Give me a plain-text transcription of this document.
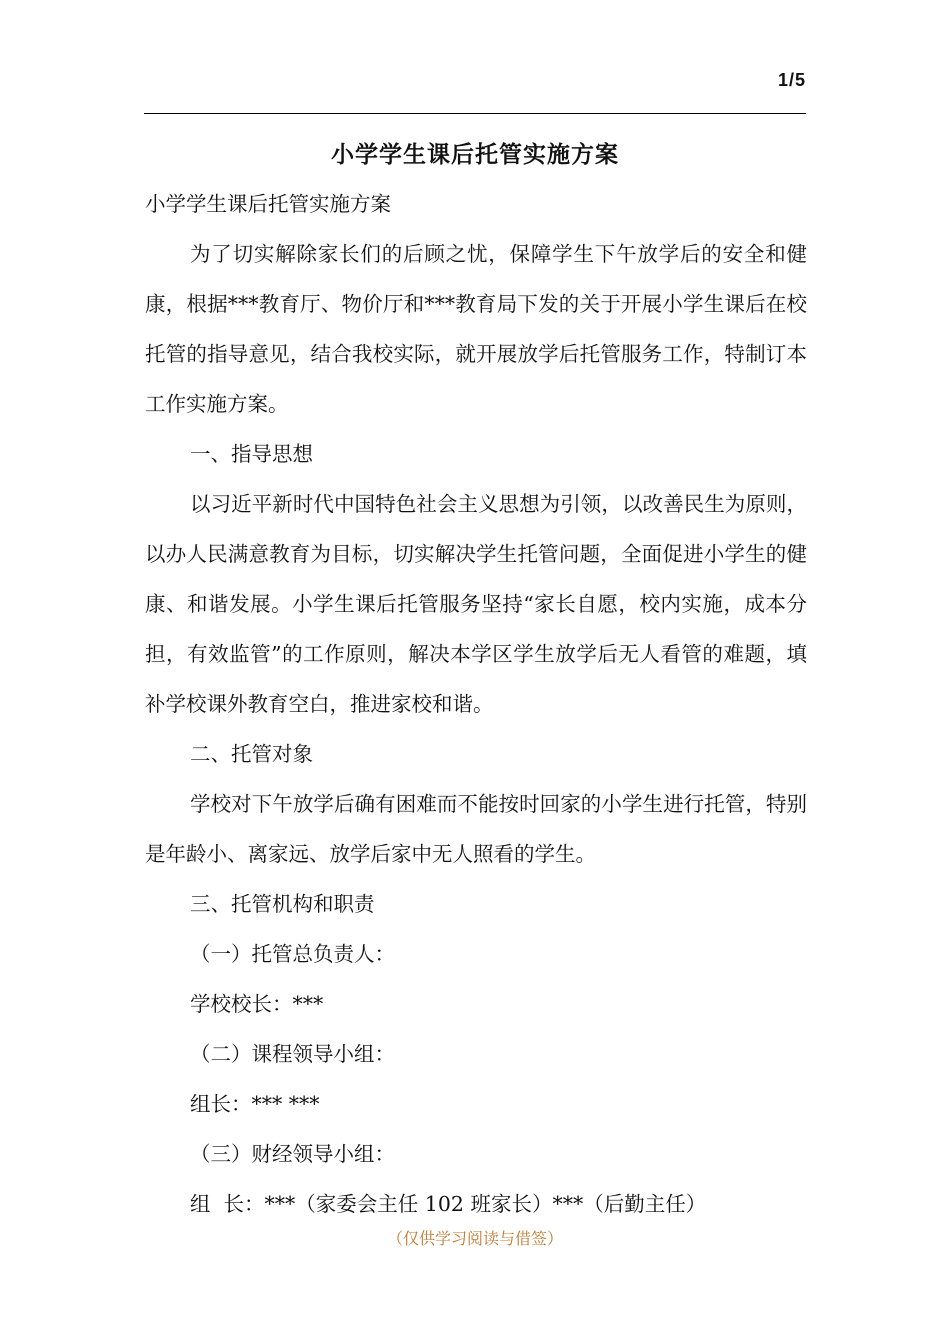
1/5
小学学生课后托管实施方案

小学学生课后托管实施方案

为了切实解除家长们的后顾之忧，保障学生下午放学后的安全和健康，根据***教育厅、物价厅和***教育局下发的关于开展小学生课后在校托管的指导意见，结合我校实际，就开展放学后托管服务工作，特制订本工作实施方案。

一、指导思想

以习近平新时代中国特色社会主义思想为引领，以改善民生为原则，以办人民满意教育为目标，切实解决学生托管问题，全面促进小学生的健康、和谐发展。小学生课后托管服务坚持“家长自愿，校内实施，成本分担，有效监管”的工作原则，解决本学区学生放学后无人看管的难题，填补学校课外教育空白，推进家校和谐。

二、托管对象

学校对下午放学后确有困难而不能按时回家的小学生进行托管，特别是年龄小、离家远、放学后家中无人照看的学生。

三、托管机构和职责

（一）托管总负责人：

学校校长：***

（二）课程领导小组：

组长：*** ***

（三）财经领导小组：

组  长：***（家委会主任 102 班家长）***（后勤主任）

（仅供学习阅读与借签）
